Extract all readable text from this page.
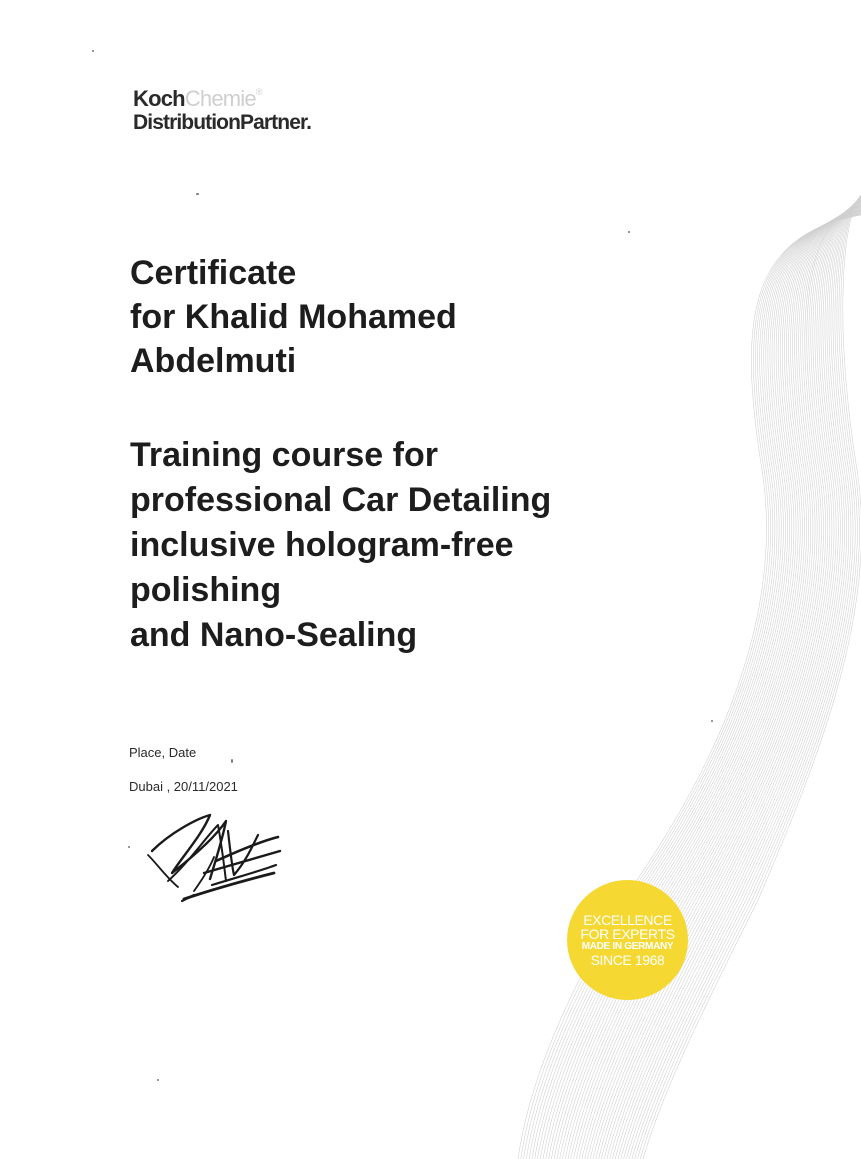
KochChemie®
DistributionPartner.
Certificate
for Khalid Mohamed
Abdelmuti
Training course for
professional Car Detailing
inclusive hologram-free
polishing
and Nano-Sealing
Place, Date
Dubai , 20/11/2021
EXCELLENCE
FOR EXPERTS
MADE IN GERMANY
SINCE 1968
